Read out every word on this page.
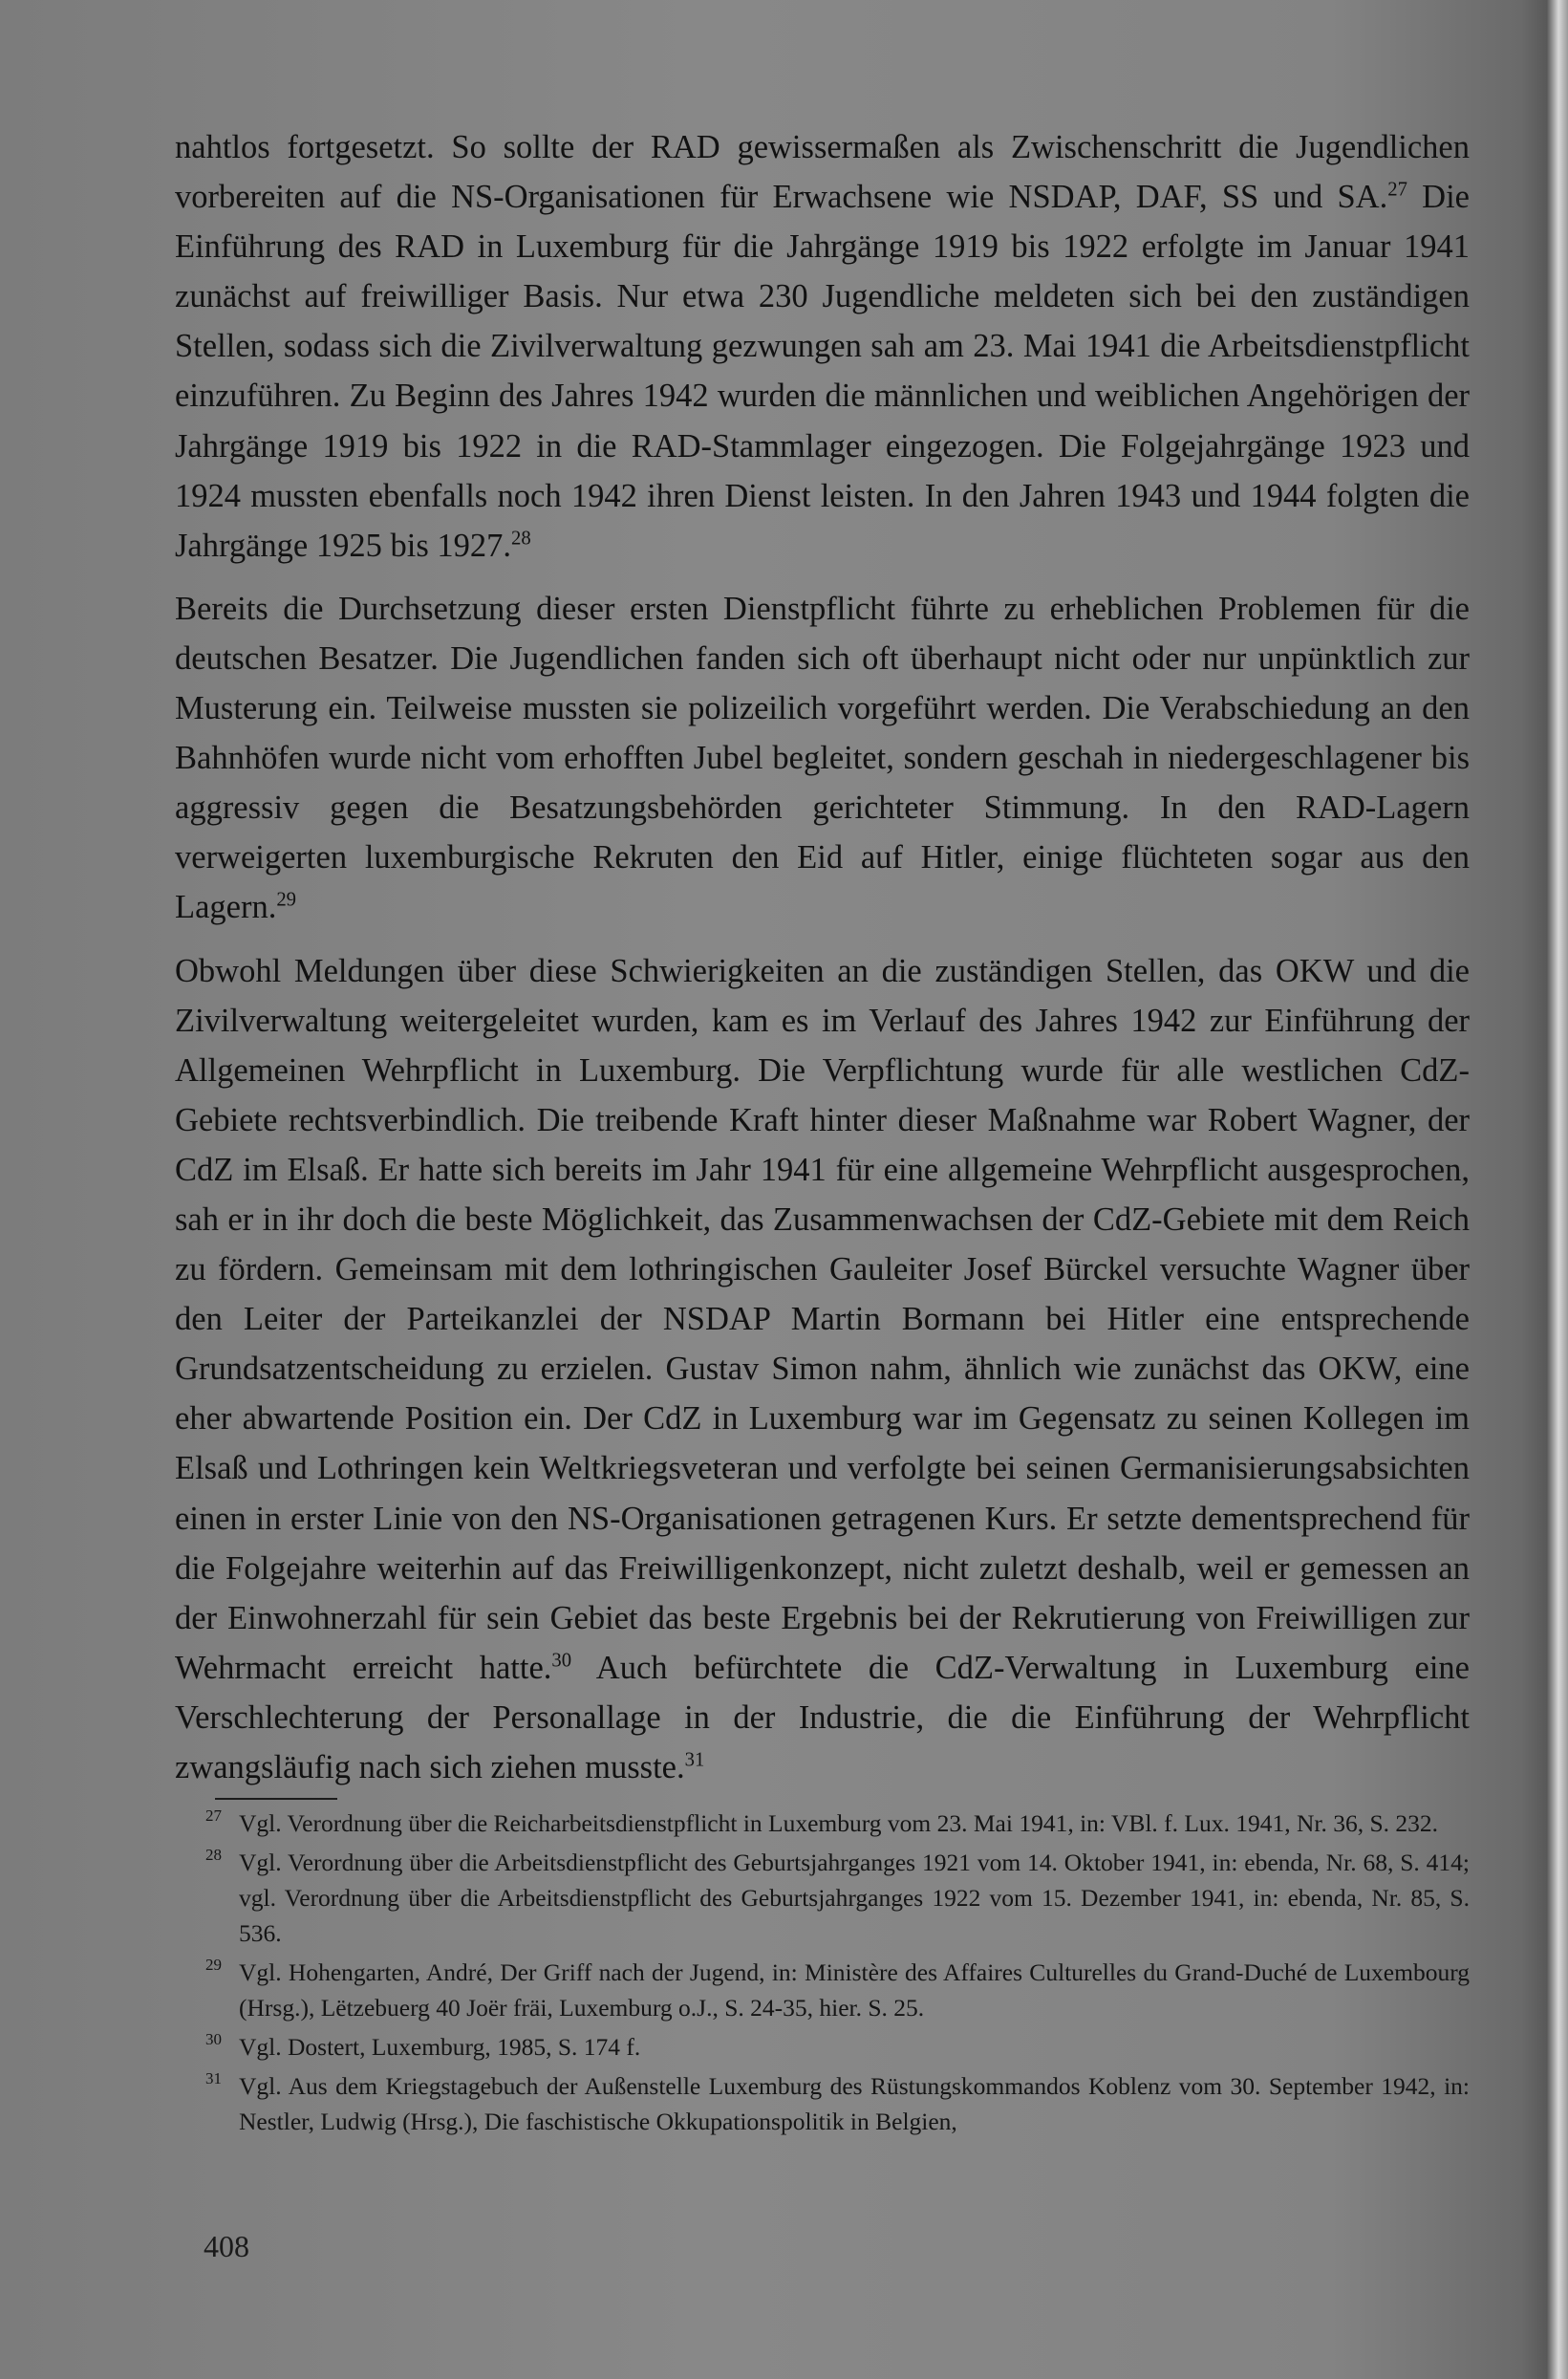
nahtlos fortgesetzt. So sollte der RAD gewissermaßen als Zwischenschritt die Jugendlichen vorbereiten auf die NS-Organisationen für Erwachsene wie NSDAP, DAF, SS und SA.$^{27}$ Die Einführung des RAD in Luxemburg für die Jahrgänge 1919 bis 1922 erfolgte im Januar 1941 zunächst auf freiwilliger Basis. Nur etwa 230 Jugendliche meldeten sich bei den zuständigen Stellen, sodass sich die Zivilverwaltung gezwungen sah am 23. Mai 1941 die Arbeitsdienstpflicht einzuführen. Zu Beginn des Jahres 1942 wurden die männlichen und weiblichen Angehörigen der Jahrgänge 1919 bis 1922 in die RAD-Stammlager eingezogen. Die Folgejahrgänge 1923 und 1924 mussten ebenfalls noch 1942 ihren Dienst leisten. In den Jahren 1943 und 1944 folgten die Jahrgänge 1925 bis 1927.28

Bereits die Durchsetzung dieser ersten Dienstpflicht führte zu erheblichen Problemen für die deutschen Besatzer. Die Jugendlichen fanden sich oft überhaupt nicht oder nur unpünktlich zur Musterung ein. Teilweise mussten sie polizeilich vorgeführt werden. Die Verabschiedung an den Bahnhöfen wurde nicht vom erhofften Jubel begleitet, sondern geschah in niedergeschlagener bis aggressiv gegen die Besatzungsbehörden gerichteter Stimmung. In den RAD-Lagern verweigerten luxemburgische Rekruten den Eid auf Hitler, einige flüchteten sogar aus den Lagern.$^{29}$

Obwohl Meldungen über diese Schwierigkeiten an die zuständigen Stellen, das OKW und die Zivilverwaltung weitergeleitet wurden, kam es im Verlauf des Jahres 1942 zur Einführung der Allgemeinen Wehrpflicht in Luxemburg. Die Verpflichtung wurde für alle westlichen CdZ-Gebiete rechtsverbindlich. Die treibende Kraft hinter dieser Maßnahme war Robert Wagner, der CdZ im Elsaß. Er hatte sich bereits im Jahr 1941 für eine allgemeine Wehrpflicht ausgesprochen, sah er in ihr doch die beste Möglichkeit, das Zusammenwachsen der CdZ-Gebiete mit dem Reich zu fördern. Gemeinsam mit dem lothringischen Gauleiter Josef Bürckel versuchte Wagner über den Leiter der Parteikanzlei der NSDAP Martin Bormann bei Hitler eine entsprechende Grundsatzentscheidung zu erzielen. Gustav Simon nahm, ähnlich wie zunächst das OKW, eine eher abwartende Position ein. Der CdZ in Luxemburg war im Gegensatz zu seinen Kollegen im Elsaß und Lothringen kein Weltkriegsveteran und verfolgte bei seinen Germanisierungsabsichten einen in erster Linie von den NS-Organisationen getragenen Kurs. Er setzte dementsprechend für die Folgejahre weiterhin auf das Freiwilligenkonzept, nicht zuletzt deshalb, weil er gemessen an der Einwohnerzahl für sein Gebiet das beste Ergebnis bei der Rekrutierung von Freiwilligen zur Wehrmacht erreicht hatte.$^{30}$ Auch befürchtete die CdZ-Verwaltung in Luxemburg eine Verschlechterung der Personallage in der Industrie, die die Einführung der Wehrpflicht zwangsläufig nach sich ziehen musste.$^{31}$

27 Vgl. Verordnung über die Reicharbeitsdienstpflicht in Luxemburg vom 23. Mai 1941, in: VBl. f. Lux. 1941, Nr. 36, S. 232.
28 Vgl. Verordnung über die Arbeitsdienstpflicht des Geburtsjahrganges 1921 vom 14. Oktober 1941, in: ebenda, Nr. 68, S. 414; vgl. Verordnung über die Arbeitsdienstpflicht des Geburtsjahrganges 1922 vom 15. Dezember 1941, in: ebenda, Nr. 85, S. 536.
29 Vgl. Hohengarten, André, Der Griff nach der Jugend, in: Ministère des Affaires Culturelles du Grand-Duché de Luxembourg (Hrsg.), Lëtzebuerg 40 Joër fräi, Luxemburg o.J., S. 24-35, hier. S. 25.
30 Vgl. Dostert, Luxemburg, 1985, S. 174 f.
31 Vgl. Aus dem Kriegstagebuch der Außenstelle Luxemburg des Rüstungskommandos Koblenz vom 30. September 1942, in: Nestler, Ludwig (Hrsg.), Die faschistische Okkupationspolitik in Belgien,
408
